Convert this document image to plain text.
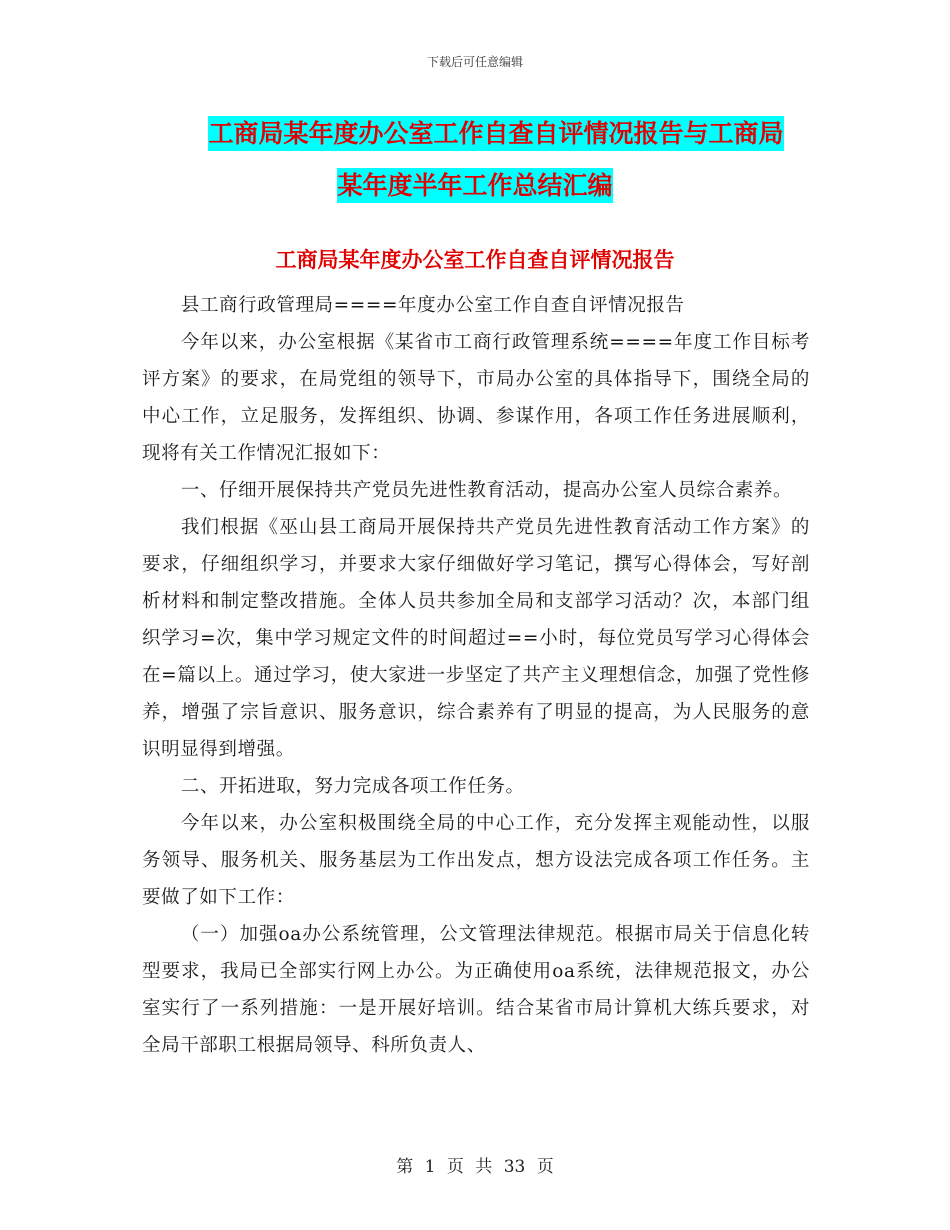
下载后可任意编辑
工商局某年度办公室工作自查自评情况报告与工商局
某年度半年工作总结汇编
工商局某年度办公室工作自查自评情况报告

县工商行政管理局====年度办公室工作自查自评情况报告

今年以来，办公室根据《某省市工商行政管理系统====年度工作目标考评方案》的要求，在局党组的领导下，市局办公室的具体指导下，围绕全局的中心工作，立足服务，发挥组织、协调、参谋作用，各项工作任务进展顺利，现将有关工作情况汇报如下：

一、仔细开展保持共产党员先进性教育活动，提高办公室人员综合素养。

我们根据《巫山县工商局开展保持共产党员先进性教育活动工作方案》的要求，仔细组织学习，并要求大家仔细做好学习笔记，撰写心得体会，写好剖析材料和制定整改措施。全体人员共参加全局和支部学习活动？次，本部门组织学习=次，集中学习规定文件的时间超过==小时，每位党员写学习心得体会在=篇以上。通过学习，使大家进一步坚定了共产主义理想信念，加强了党性修养，增强了宗旨意识、服务意识，综合素养有了明显的提高，为人民服务的意识明显得到增强。

二、开拓进取，努力完成各项工作任务。

今年以来，办公室积极围绕全局的中心工作，充分发挥主观能动性，以服务领导、服务机关、服务基层为工作出发点，想方设法完成各项工作任务。主要做了如下工作：

（一）加强oa办公系统管理，公文管理法律规范。根据市局关于信息化转型要求，我局已全部实行网上办公。为正确使用oa系统，法律规范报文，办公室实行了一系列措施：一是开展好培训。结合某省市局计算机大练兵要求，对全局干部职工根据局领导、科所负责人、

第 1 页 共 33 页
